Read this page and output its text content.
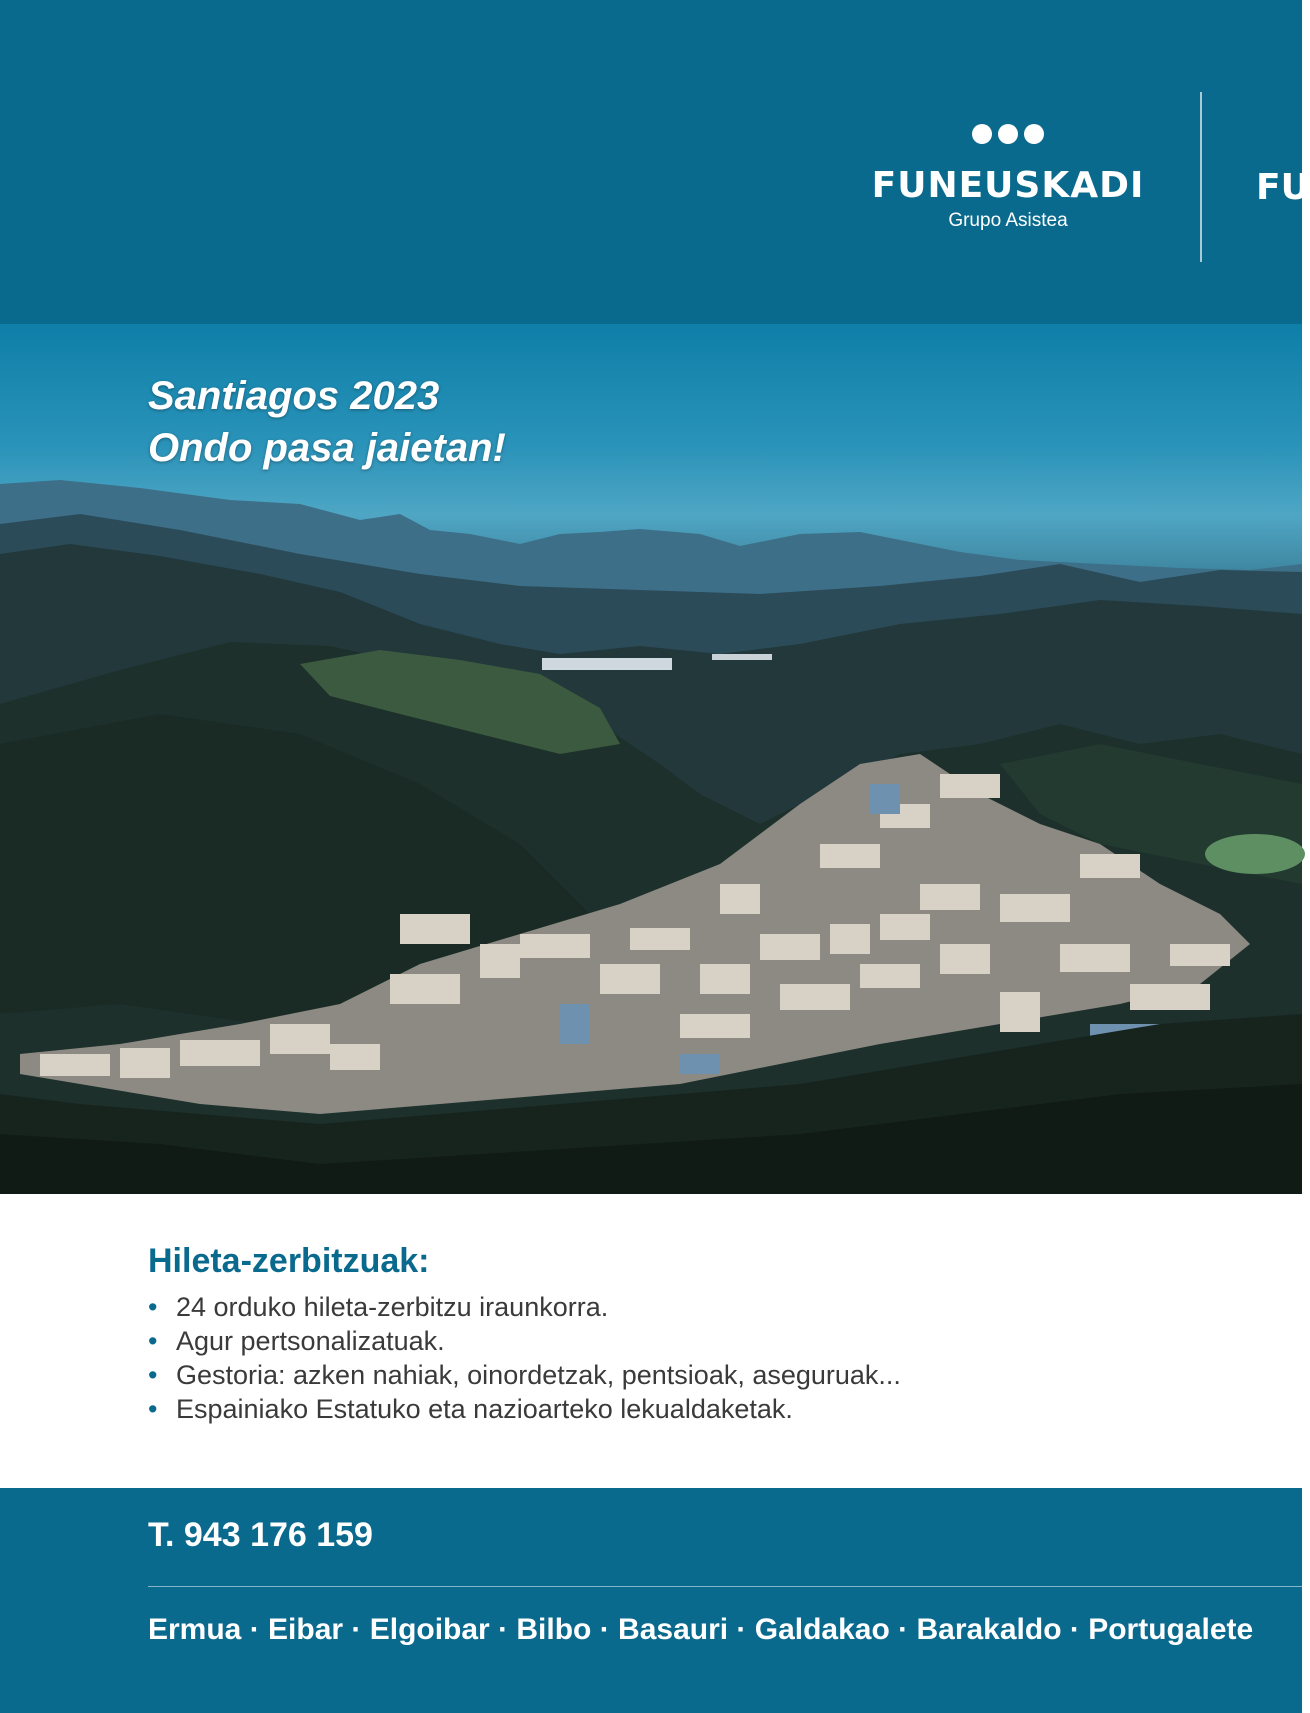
FUNEUSKADI
Grupo Asistea
FU
Santiagos 2023
Ondo pasa jaietan!
Hileta-zerbitzuak:
• 24 orduko hileta-zerbitzu iraunkorra.
• Agur pertsonalizatuak.
• Gestoria: azken nahiak, oinordetzak, pentsioak, aseguruak...
• Espainiako Estatuko eta nazioarteko lekualdaketak.
T. 943 176 159
Ermua · Eibar · Elgoibar · Bilbo · Basauri · Galdakao · Barakaldo · Portugalete
